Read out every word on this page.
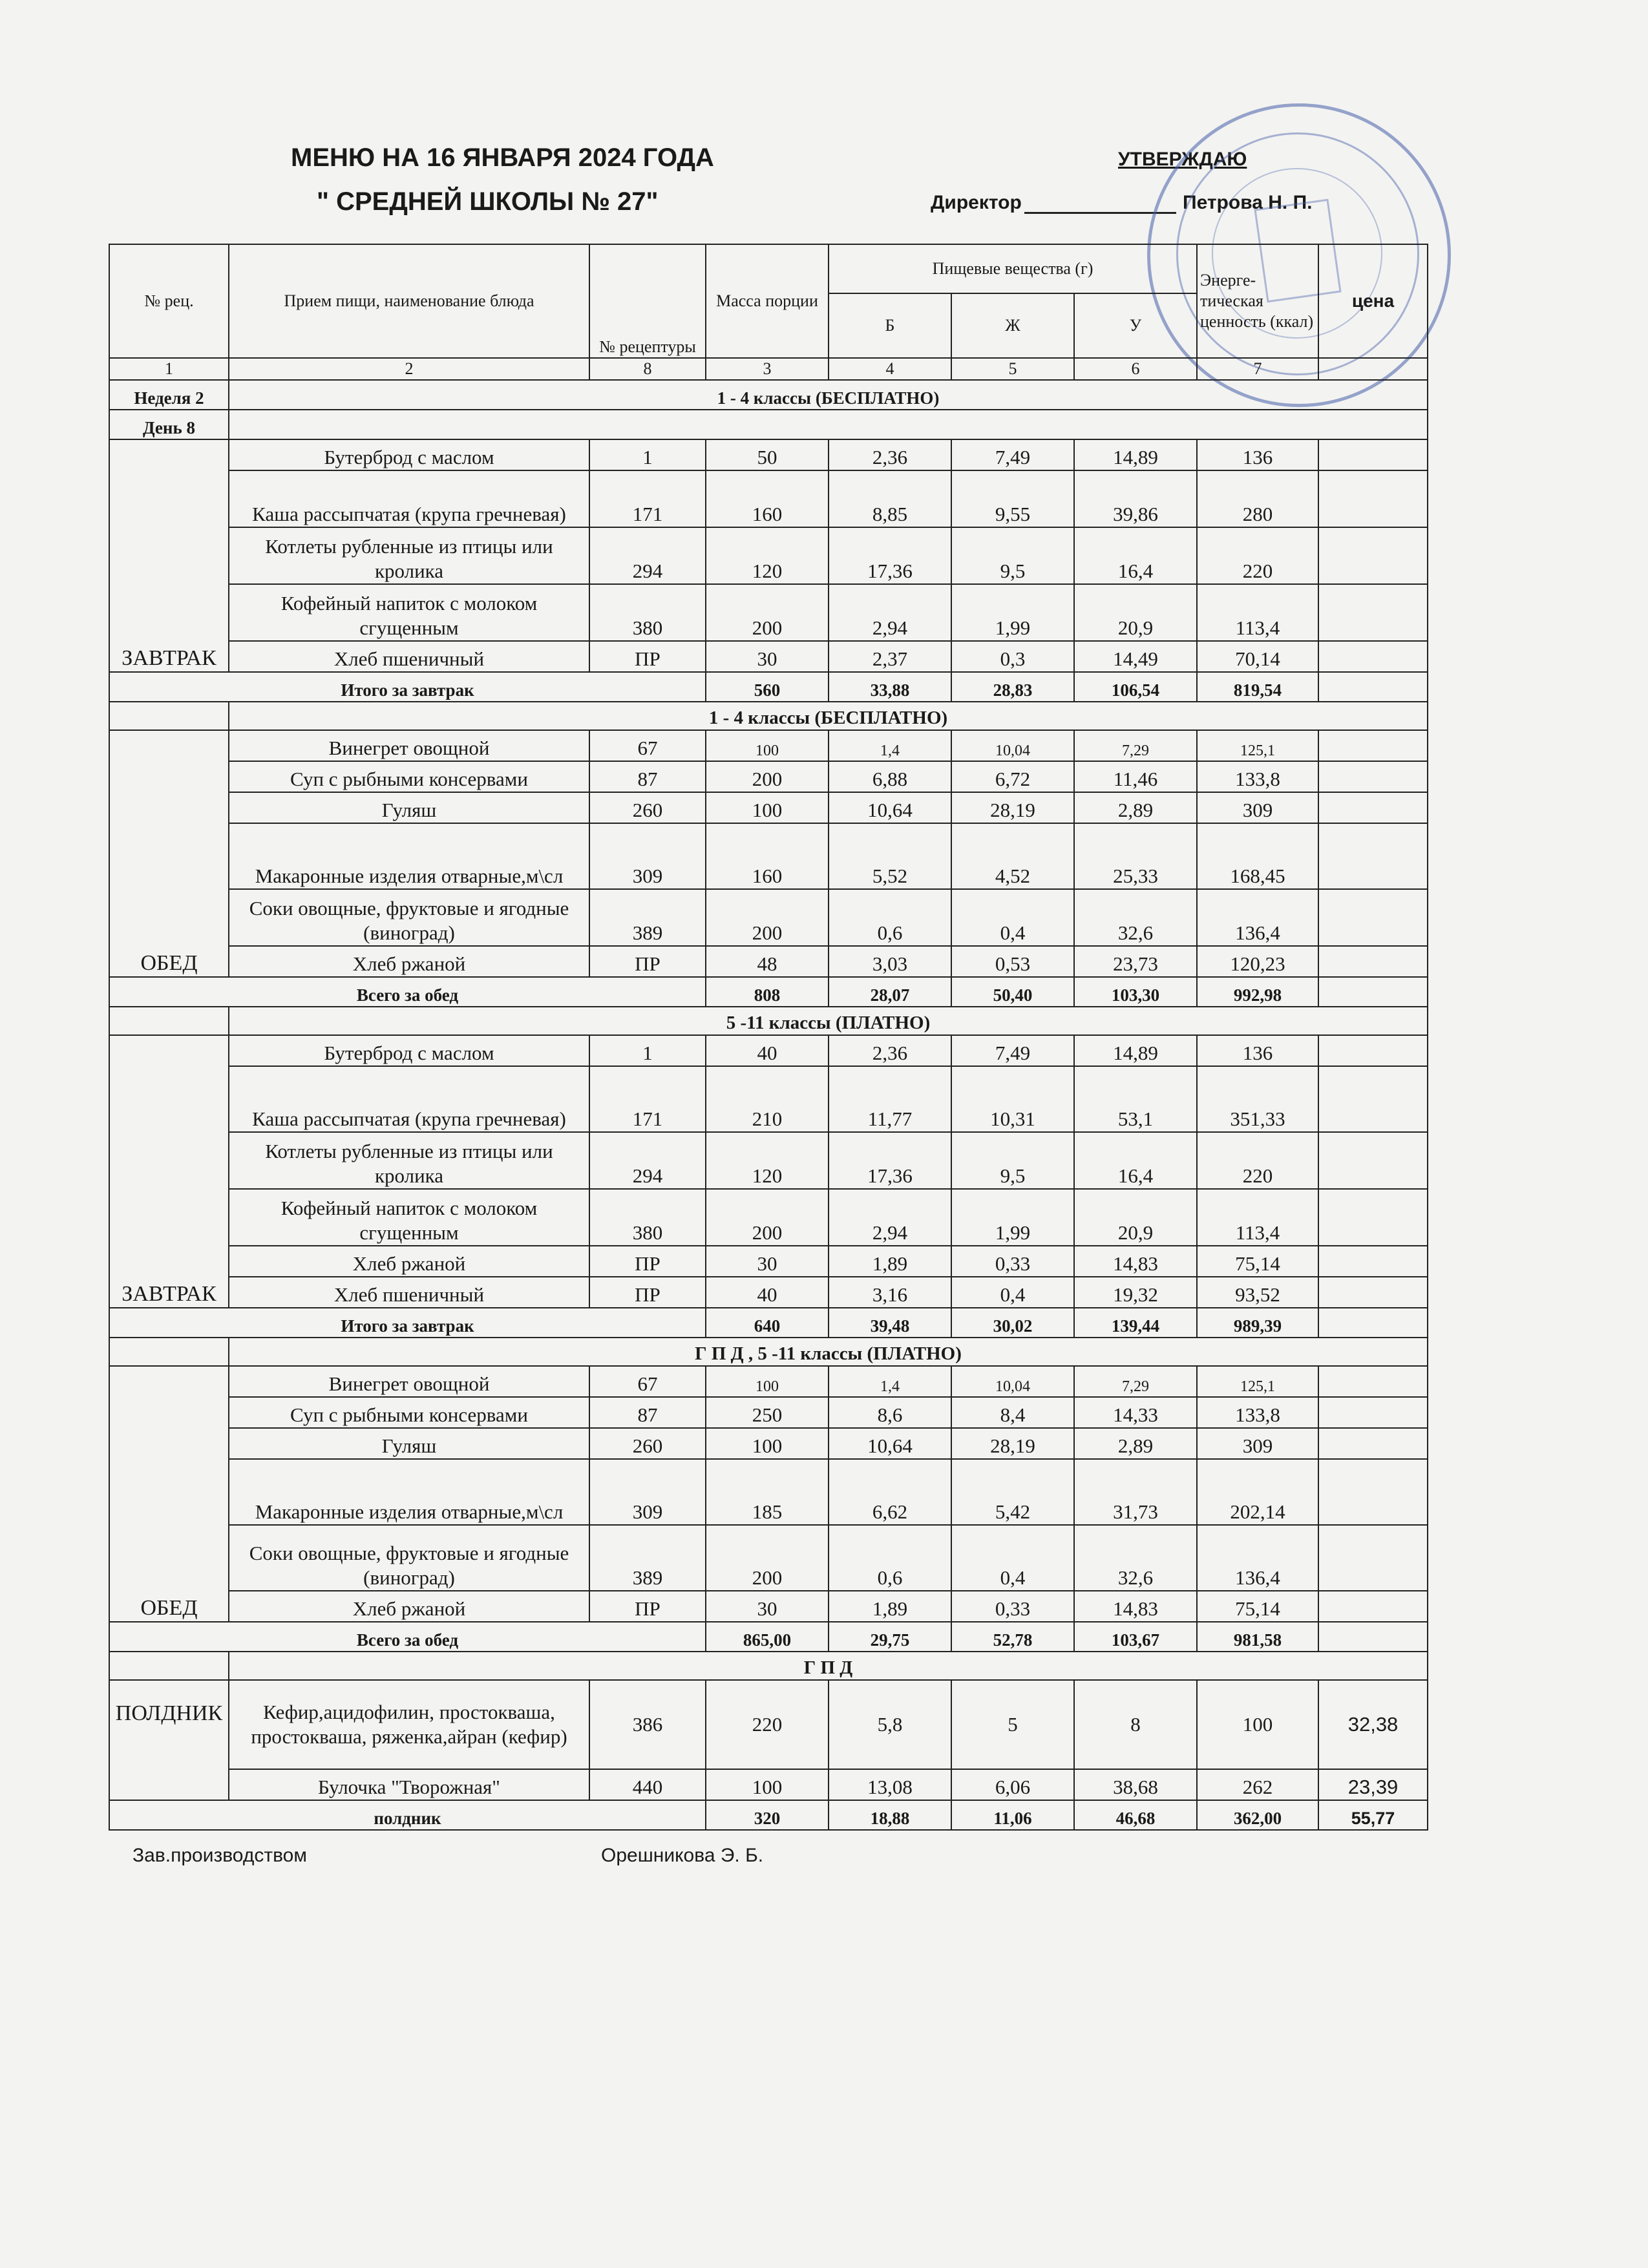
МЕНЮ НА 16 ЯНВАРЯ 2024 ГОДА
" СРЕДНЕЙ ШКОЛЫ № 27"
УТВЕРЖДАЮ
Директор	Петрова Н. П.
№ рец.	Прием пищи, наименование блюда	№ рецептуры	Масса порции	Пищевые вещества (г)			Энерге- тическая ценность (ккал)	цена
				Б	Ж	У		
1	2	8	3	4	5	6	7	
Неделя 2	1 - 4 классы (БЕСПЛАТНО)							
День 8								
ЗАВТРАК	Бутерброд с маслом	1	50	2,36	7,49	14,89	136	
	Каша рассыпчатая (крупа гречневая)	171	160	8,85	9,55	39,86	280	
	Котлеты рубленные из птицы или кролика	294	120	17,36	9,5	16,4	220	
	Кофейный напиток с молоком сгущенным	380	200	2,94	1,99	20,9	113,4	
	Хлеб пшеничный	ПР	30	2,37	0,3	14,49	70,14	
Итого за завтрак			560	33,88	28,83	106,54	819,54	
	1 - 4 классы (БЕСПЛАТНО)							
ОБЕД	Винегрет овощной	67	100	1,4	10,04	7,29	125,1	
	Суп с рыбными консервами	87	200	6,88	6,72	11,46	133,8	
	Гуляш	260	100	10,64	28,19	2,89	309	
	Макаронные изделия отварные,м\сл	309	160	5,52	4,52	25,33	168,45	
	Соки овощные, фруктовые и ягодные (виноград)	389	200	0,6	0,4	32,6	136,4	
	Хлеб ржаной	ПР	48	3,03	0,53	23,73	120,23	
Всего за обед			808	28,07	50,40	103,30	992,98	
	5 -11 классы (ПЛАТНО)							
ЗАВТРАК	Бутерброд с маслом	1	40	2,36	7,49	14,89	136	
	Каша рассыпчатая (крупа гречневая)	171	210	11,77	10,31	53,1	351,33	
	Котлеты рубленные из птицы или кролика	294	120	17,36	9,5	16,4	220	
	Кофейный напиток с молоком сгущенным	380	200	2,94	1,99	20,9	113,4	
	Хлеб ржаной	ПР	30	1,89	0,33	14,83	75,14	
	Хлеб пшеничный	ПР	40	3,16	0,4	19,32	93,52	
Итого за завтрак			640	39,48	30,02	139,44	989,39	
	Г П Д , 5 -11 классы (ПЛАТНО)							
ОБЕД	Винегрет овощной	67	100	1,4	10,04	7,29	125,1	
	Суп с рыбными консервами	87	250	8,6	8,4	14,33	133,8	
	Гуляш	260	100	10,64	28,19	2,89	309	
	Макаронные изделия отварные,м\сл	309	185	6,62	5,42	31,73	202,14	
	Соки овощные, фруктовые и ягодные (виноград)	389	200	0,6	0,4	32,6	136,4	
	Хлеб ржаной	ПР	30	1,89	0,33	14,83	75,14	
Всего за обед			865,00	29,75	52,78	103,67	981,58	
	Г П Д							
ПОЛДНИК	Кефир,ацидофилин, простокваша, простокваша, ряженка,айран (кефир)	386	220	5,8	5	8	100	32,38
	Булочка "Творожная"	440	100	13,08	6,06	38,68	262	23,39
полдник			320	18,88	11,06	46,68	362,00	55,77
Зав.производством	Орешникова Э. Б.
